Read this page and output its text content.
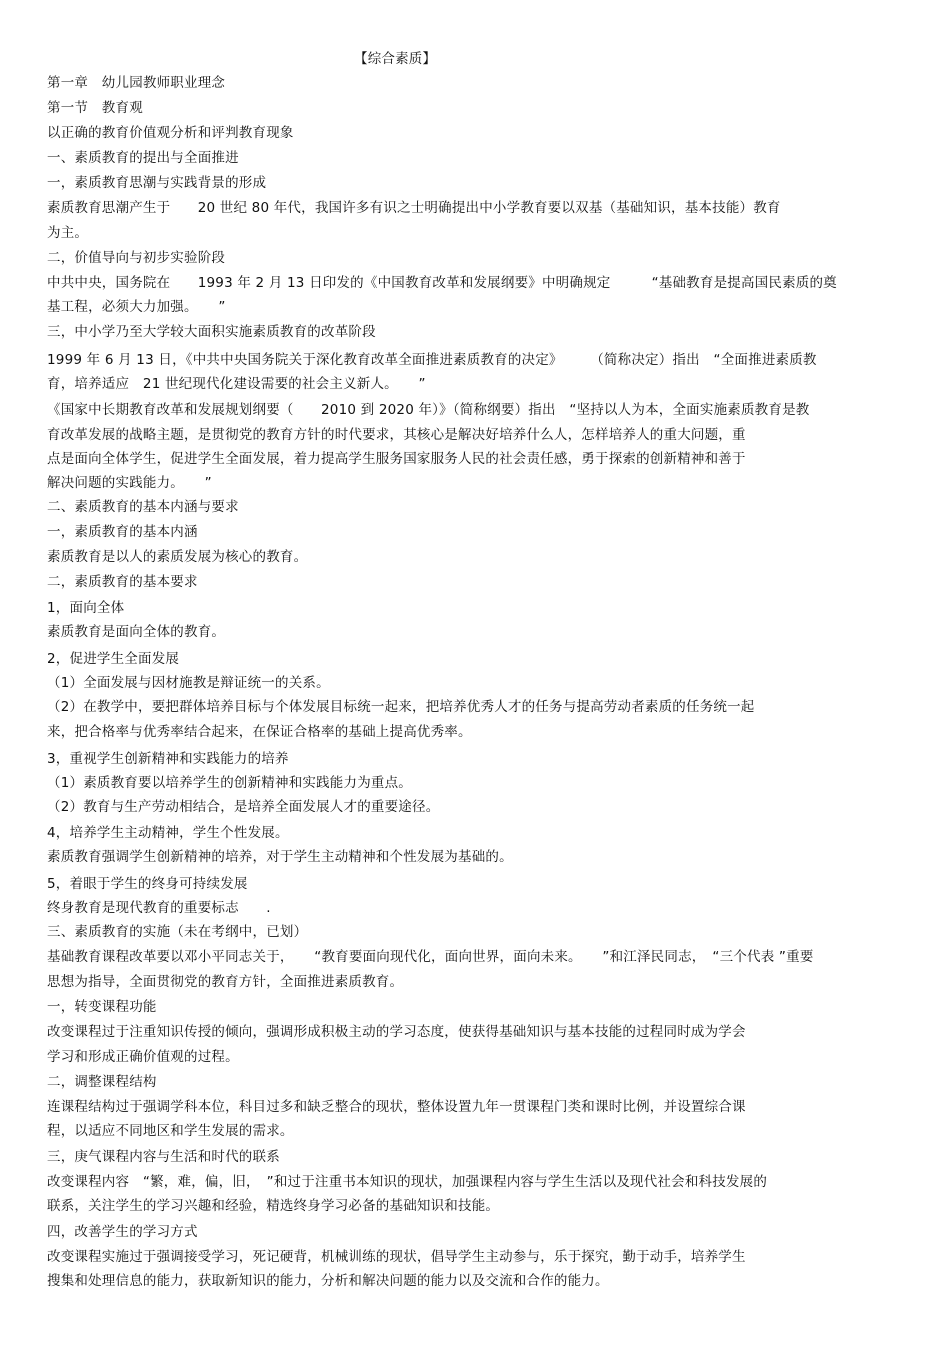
【综合素质】
第一章　幼儿园教师职业理念
第一节　教育观
以正确的教育价值观分析和评判教育现象
一、素质教育的提出与全面推进
一，素质教育思潮与实践背景的形成
素质教育思潮产生于　　20 世纪 80 年代，我国许多有识之士明确提出中小学教育要以双基（基础知识，基本技能）教育
为主。
二，价值导向与初步实验阶段
中共中央，国务院在　　1993 年 2 月 13 日印发的《中国教育改革和发展纲要》中明确规定　　　“基础教育是提高国民素质的奠
基工程，必须大力加强。　　”
三，中小学乃至大学较大面积实施素质教育的改革阶段
1999 年 6 月 13 日，《中共中央国务院关于深化教育改革全面推进素质教育的决定》　　　（简称决定）指出　“全面推进素质教
育，培养适应　21 世纪现代化建设需要的社会主义新人。　　”
《国家中长期教育改革和发展规划纲要（　　2010 到 2020 年）》（简称纲要）指出　“坚持以人为本，全面实施素质教育是教
育改革发展的战略主题，是贯彻党的教育方针的时代要求，其核心是解决好培养什么人，怎样培养人的重大问题，重
点是面向全体学生，促进学生全面发展，着力提高学生服务国家服务人民的社会责任感，勇于探索的创新精神和善于
解决问题的实践能力。　　”
二、素质教育的基本内涵与要求
一，素质教育的基本内涵
素质教育是以人的素质发展为核心的教育。
二，素质教育的基本要求
1，面向全体
素质教育是面向全体的教育。
2，促进学生全面发展
（1）全面发展与因材施教是辩证统一的关系。
（2）在教学中，要把群体培养目标与个体发展目标统一起来，把培养优秀人才的任务与提高劳动者素质的任务统一起
来，把合格率与优秀率结合起来，在保证合格率的基础上提高优秀率。
3，重视学生创新精神和实践能力的培养
（1）素质教育要以培养学生的创新精神和实践能力为重点。
（2）教育与生产劳动相结合，是培养全面发展人才的重要途径。
4，培养学生主动精神，学生个性发展。
素质教育强调学生创新精神的培养，对于学生主动精神和个性发展为基础的。
5，着眼于学生的终身可持续发展
终身教育是现代教育的重要标志　　.
三、素质教育的实施（未在考纲中，已划）
基础教育课程改革要以邓小平同志关于，　　“教育要面向现代化，面向世界，面向未来。　　”和江泽民同志，　“三个代表 ”重要
思想为指导，全面贯彻党的教育方针，全面推进素质教育。
一，转变课程功能
改变课程过于注重知识传授的倾向，强调形成积极主动的学习态度，使获得基础知识与基本技能的过程同时成为学会
学习和形成正确价值观的过程。
二，调整课程结构
连课程结构过于强调学科本位，科目过多和缺乏整合的现状，整体设置九年一贯课程门类和课时比例，并设置综合课
程，以适应不同地区和学生发展的需求。
三，庚气课程内容与生活和时代的联系
改变课程内容　“繁，难，偏，旧，　”和过于注重书本知识的现状，加强课程内容与学生生活以及现代社会和科技发展的
联系，关注学生的学习兴趣和经验，精选终身学习必备的基础知识和技能。
四，改善学生的学习方式
改变课程实施过于强调接受学习，死记硬背，机械训练的现状，倡导学生主动参与，乐于探究，勤于动手，培养学生
搜集和处理信息的能力，获取新知识的能力，分析和解决问题的能力以及交流和合作的能力。
